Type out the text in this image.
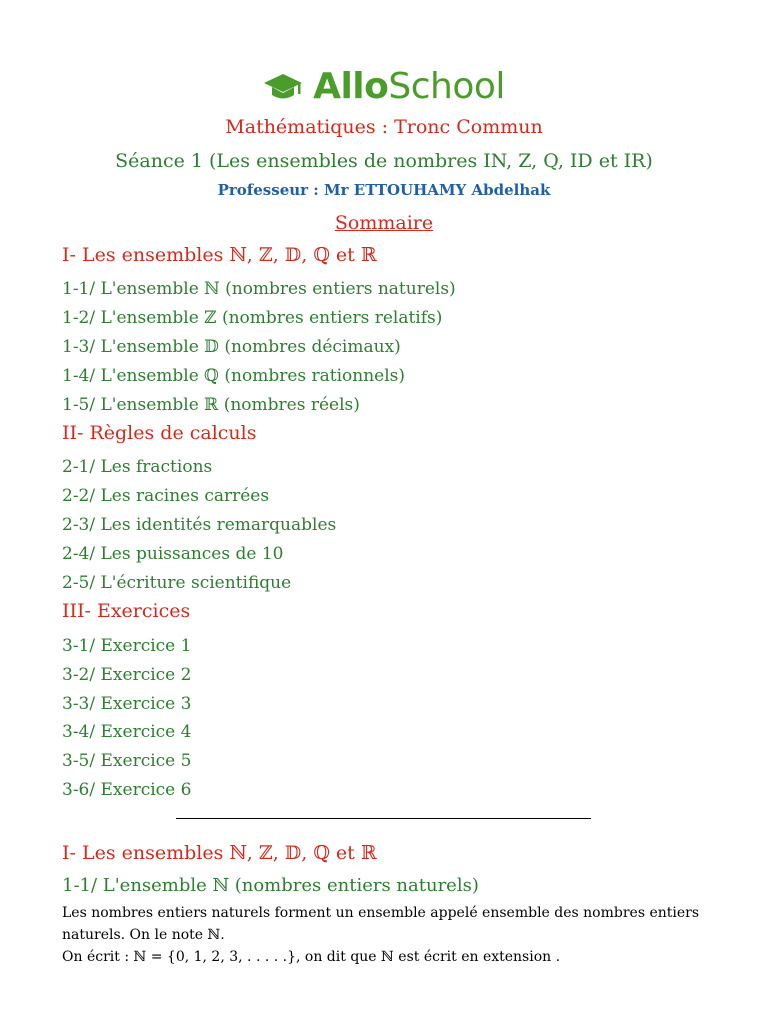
AlloSchool
Mathématiques : Tronc Commun
Séance 1 (Les ensembles de nombres IN, Z, Q, ID et IR)
Professeur : Mr ETTOUHAMY Abdelhak
Sommaire
I- Les ensembles ℕ, ℤ, 𝔻, ℚ et ℝ
1-1/ L'ensemble ℕ (nombres entiers naturels)
1-2/ L'ensemble ℤ (nombres entiers relatifs)
1-3/ L'ensemble 𝔻 (nombres décimaux)
1-4/ L'ensemble ℚ (nombres rationnels)
1-5/ L'ensemble ℝ (nombres réels)
II- Règles de calculs
2-1/ Les fractions
2-2/ Les racines carrées
2-3/ Les identités remarquables
2-4/ Les puissances de 10
2-5/ L'écriture scientifique
III- Exercices
3-1/ Exercice 1
3-2/ Exercice 2
3-3/ Exercice 3
3-4/ Exercice 4
3-5/ Exercice 5
3-6/ Exercice 6
I- Les ensembles ℕ, ℤ, 𝔻, ℚ et ℝ
1-1/ L'ensemble ℕ (nombres entiers naturels)
Les nombres entiers naturels forment un ensemble appelé ensemble des nombres entiers
naturels. On le note ℕ.
On écrit : ℕ = {0, 1, 2, 3, . . . . .}, on dit que ℕ est écrit en extension .
